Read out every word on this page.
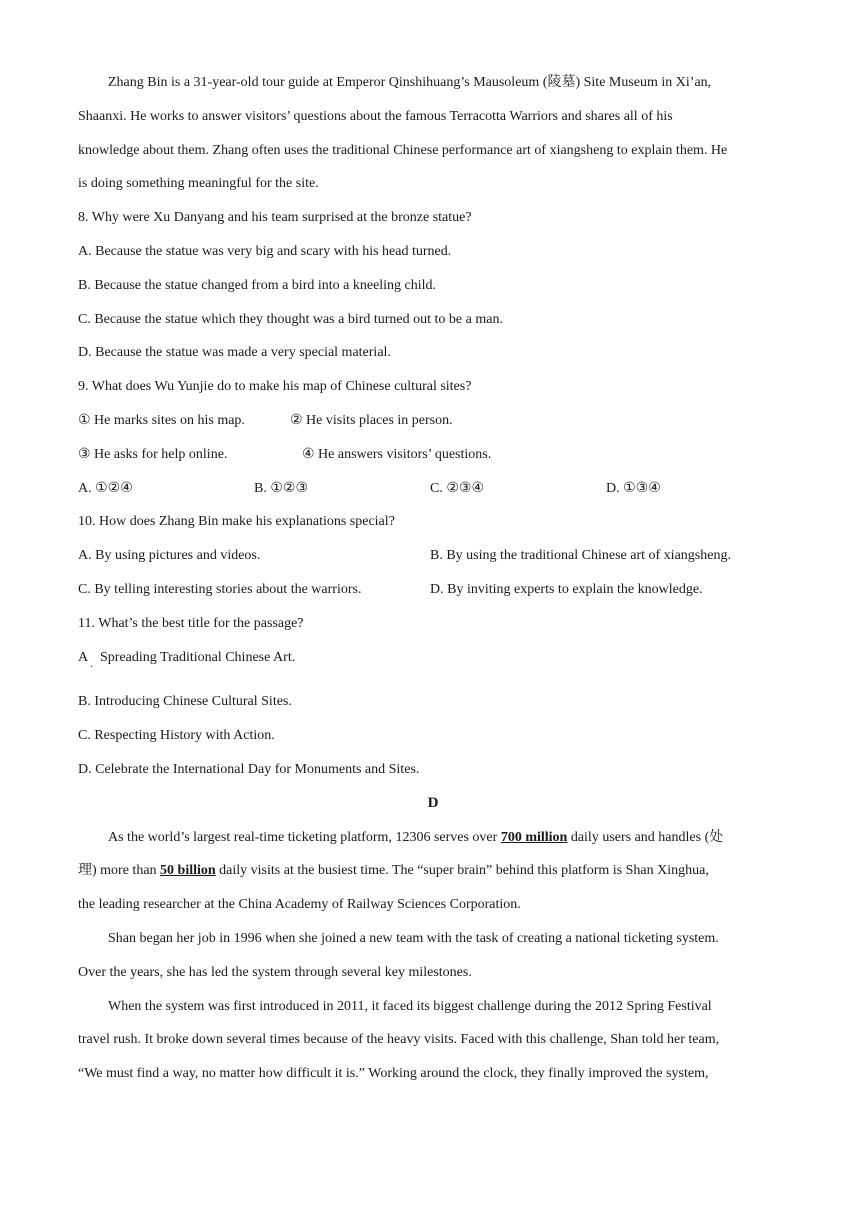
Zhang Bin is a 31-year-old tour guide at Emperor Qinshihuang’s Mausoleum (陵墓) Site Museum in Xi’an,
Shaanxi. He works to answer visitors’ questions about the famous Terracotta Warriors and shares all of his
knowledge about them. Zhang often uses the traditional Chinese performance art of xiangsheng to explain them. He
is doing something meaningful for the site.
8. Why were Xu Danyang and his team surprised at the bronze statue?
A. Because the statue was very big and scary with his head turned.
B. Because the statue changed from a bird into a kneeling child.
C. Because the statue which they thought was a bird turned out to be a man.
D. Because the statue was made a very special material.
9. What does Wu Yunjie do to make his map of Chinese cultural sites?
① He marks sites on his map.	② He visits places in person.
③ He asks for help online.	④ He answers visitors’ questions.
A. ①②④	B. ①②③	C. ②③④	D. ①③④
10. How does Zhang Bin make his explanations special?
A. By using pictures and videos.	B. By using the traditional Chinese art of xiangsheng.
C. By telling interesting stories about the warriors.	D. By inviting experts to explain the knowledge.
11. What’s the best title for the passage?
A
·
Spreading Traditional Chinese Art.
B. Introducing Chinese Cultural Sites.
C. Respecting History with Action.
D. Celebrate the International Day for Monuments and Sites.
D
As the world’s largest real-time ticketing platform, 12306 serves over 700 million daily users and handles (处
理) more than 50 billion daily visits at the busiest time. The “super brain” behind this platform is Shan Xinghua,
the leading researcher at the China Academy of Railway Sciences Corporation.
Shan began her job in 1996 when she joined a new team with the task of creating a national ticketing system.
Over the years, she has led the system through several key milestones.
When the system was first introduced in 2011, it faced its biggest challenge during the 2012 Spring Festival
travel rush. It broke down several times because of the heavy visits. Faced with this challenge, Shan told her team,
“We must find a way, no matter how difficult it is.” Working around the clock, they finally improved the system,
